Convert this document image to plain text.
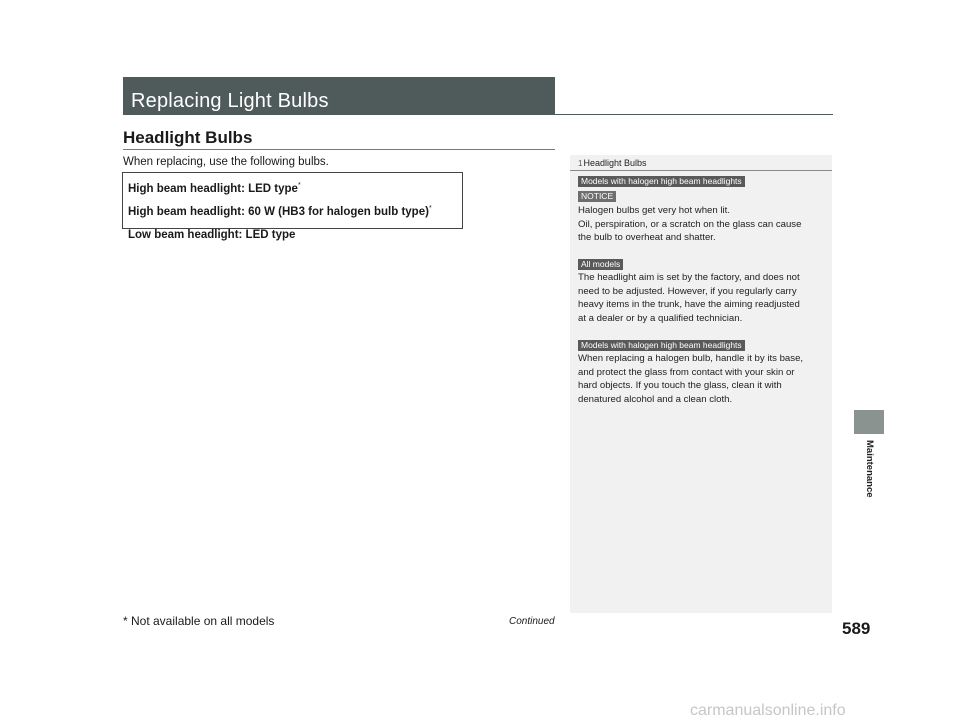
Replacing Light Bulbs
Headlight Bulbs
When replacing, use the following bulbs.
High beam headlight: LED type*
High beam headlight: 60 W (HB3 for halogen bulb type)*
Low beam headlight: LED type
1Headlight Bulbs
Models with halogen high beam headlights
NOTICE
Halogen bulbs get very hot when lit.
Oil, perspiration, or a scratch on the glass can cause
the bulb to overheat and shatter.
All models
The headlight aim is set by the factory, and does not
need to be adjusted. However, if you regularly carry
heavy items in the trunk, have the aiming readjusted
at a dealer or by a qualified technician.
Models with halogen high beam headlights
When replacing a halogen bulb, handle it by its base,
and protect the glass from contact with your skin or
hard objects. If you touch the glass, clean it with
denatured alcohol and a clean cloth.
Maintenance
* Not available on all models	Continued	589
carmanualsonline.info
